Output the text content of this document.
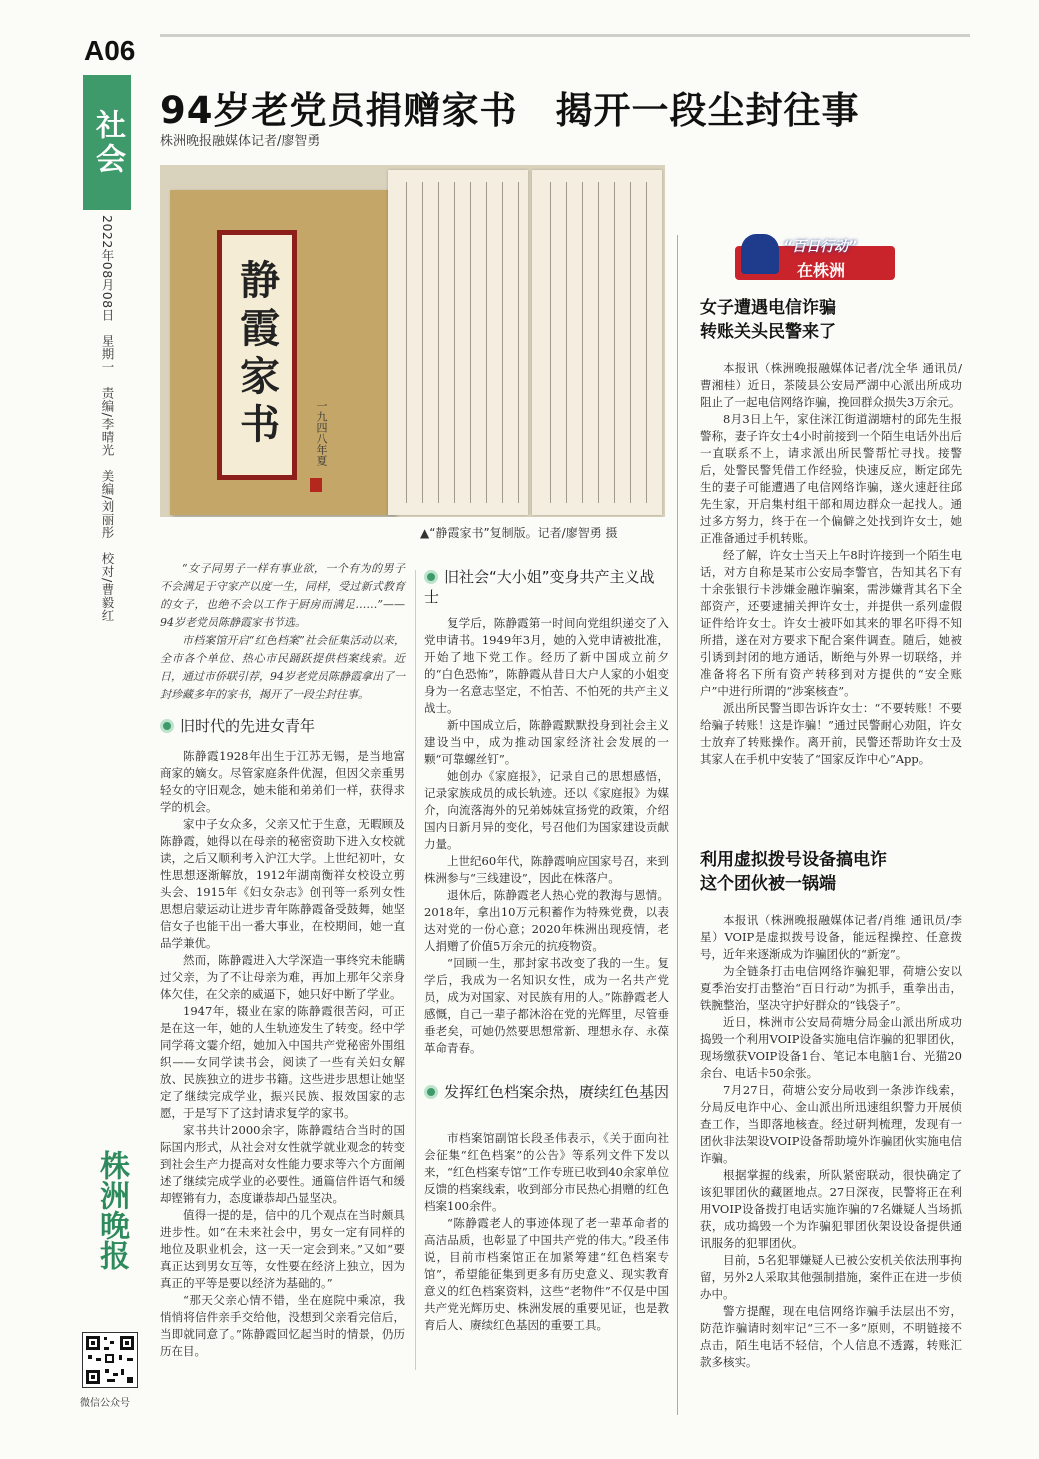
A06
社会
2022年08月08日　星期一　责编/李晴光　美编/刘丽彤　校对/曹毅红
株洲晚报
微信公众号
94岁老党员捐赠家书　揭开一段尘封往事
株洲晚报融媒体记者/廖智勇
静霞家书	一九四八年夏
▲“静霞家书”复制版。记者/廖智勇 摄

“女子同男子一样有事业欲，一个有为的男子不会满足于守家产以度一生，同样，受过新式教育的女子，也绝不会以工作于厨房而满足……”——94岁老党员陈静霞家书节选。

市档案馆开启“红色档案”社会征集活动以来，全市各个单位、热心市民踊跃提供档案线索。近日，通过市侨联引荐，94岁老党员陈静霞拿出了一封珍藏多年的家书，揭开了一段尘封往事。

旧时代的先进女青年

陈静霞1928年出生于江苏无锡，是当地富商家的嫡女。尽管家庭条件优渥，但因父亲重男轻女的守旧观念，她未能和弟弟们一样，获得求学的机会。

家中子女众多，父亲又忙于生意，无暇顾及陈静霞，她得以在母亲的秘密资助下进入女校就读，之后又顺利考入沪江大学。上世纪初叶，女性思想逐渐解放，1912年湖南衡祥女校设立剪头会、1915年《妇女杂志》创刊等一系列女性思想启蒙运动让进步青年陈静霞备受鼓舞，她坚信女子也能干出一番大事业，在校期间，她一直品学兼优。

然而，陈静霞进入大学深造一事终究未能瞒过父亲，为了不让母亲为难，再加上那年父亲身体欠佳，在父亲的威逼下，她只好中断了学业。

1947年，辍业在家的陈静霞很苦闷，可正是在这一年，她的人生轨迹发生了转变。经中学同学蒋文霎介绍，她加入中国共产党秘密外围组织——女同学读书会，阅读了一些有关妇女解放、民族独立的进步书籍。这些进步思想让她坚定了继续完成学业，振兴民族、报效国家的志愿，于是写下了这封请求复学的家书。

家书共计2000余字，陈静霞结合当时的国际国内形式，从社会对女性就学就业观念的转变到社会生产力提高对女性能力要求等六个方面阐述了继续完成学业的必要性。通篇信件语气和缓却铿锵有力，态度谦恭却凸显坚决。

值得一提的是，信中的几个观点在当时颇具进步性。如“在未来社会中，男女一定有同样的地位及职业机会，这一天一定会到来。”又如“要真正达到男女互等，女性要在经济上独立，因为真正的平等是要以经济为基础的。”

“那天父亲心情不错，坐在庭院中乘凉，我悄悄将信件亲手交给他，没想到父亲看完信后，当即就同意了。”陈静霞回忆起当时的情景，仍历历在目。

旧社会“大小姐”变身共产主义战士

复学后，陈静霞第一时间向党组织递交了入党申请书。1949年3月，她的入党申请被批准，开始了地下党工作。经历了新中国成立前夕的“白色恐怖”，陈静霞从昔日大户人家的小姐变身为一名意志坚定，不怕苦、不怕死的共产主义战士。

新中国成立后，陈静霞默默投身到社会主义建设当中，成为推动国家经济社会发展的一颗“可靠螺丝钉”。

她创办《家庭报》，记录自己的思想感悟，记录家族成员的成长轨迹。还以《家庭报》为媒介，向流落海外的兄弟姊妹宣扬党的政策，介绍国内日新月异的变化，号召他们为国家建设贡献力量。

上世纪60年代，陈静霞响应国家号召，来到株洲参与“三线建设”，因此在株落户。

退休后，陈静霞老人热心党的教海与恩情。2018年，拿出10万元积蓄作为特殊党费，以表达对党的一份心意；2020年株洲出现疫情，老人捐赠了价值5万余元的抗疫物资。

“回顾一生，那封家书改变了我的一生。复学后，我成为一名知识女性，成为一名共产党员，成为对国家、对民族有用的人。”陈静霞老人感慨，自己一辈子都沐浴在党的光辉里，尽管垂垂老矣，可她仍然要思想常新、理想永存、永葆革命青春。

发挥红色档案余热，赓续红色基因

市档案馆副馆长段圣伟表示，《关于面向社会征集“红色档案”的公告》等系列文件下发以来，“红色档案专馆”工作专班已收到40余家单位反馈的档案线索，收到部分市民热心捐赠的红色档案100余件。

“陈静霞老人的事迹体现了老一辈革命者的高洁品质，也彰显了中国共产党的伟大。”段圣伟说，目前市档案馆正在加紧筹建“红色档案专馆”，希望能征集到更多有历史意义、现实教育意义的红色档案资料，这些“老物件”不仅是中国共产党光辉历史、株洲发展的重要见证，也是教育后人、赓续红色基因的重要工具。

“百日行动”
在株洲
女子遭遇电信诈骗
转账关头民警来了

本报讯（株洲晚报融媒体记者/沈全华 通讯员/曹湘桂）近日，茶陵县公安局严湖中心派出所成功阻止了一起电信网络诈骗，挽回群众损失3万余元。

8月3日上午，家住洣江街道湖塘村的邱先生报警称，妻子许女士4小时前接到一个陌生电话外出后一直联系不上，请求派出所民警帮忙寻找。接警后，处警民警凭借工作经验，快速反应，断定邱先生的妻子可能遭遇了电信网络诈骗，遂火速赶往邱先生家，开启集村组干部和周边群众一起找人。通过多方努力，终于在一个偏僻之处找到许女士，她正准备通过手机转账。

经了解，许女士当天上午8时许接到一个陌生电话，对方自称是某市公安局李警官，告知其名下有十余张银行卡涉嫌金融诈骗案，需涉嫌背其名下全部资产，还要逮捕关押许女士，并提供一系列虚假证件给许女士。许女士被吓如其来的罪名吓得不知所措，遂在对方要求下配合案件调查。随后，她被引诱到封闭的地方通话，断绝与外界一切联络，并准备将名下所有资产转移到对方提供的“安全账户”中进行所谓的“涉案核查”。

派出所民警当即告诉许女士：“不要转账！不要给骗子转账！这是诈骗！”通过民警耐心劝阻，许女士放弃了转账操作。离开前，民警还帮助许女士及其家人在手机中安装了“国家反诈中心”App。

利用虚拟拨号设备搞电诈
这个团伙被一锅端

本报讯（株洲晚报融媒体记者/肖维 通讯员/李星）VOIP是虚拟拨号设备，能远程操控、任意拨号，近年来逐渐成为诈骗团伙的“新宠”。

为全链条打击电信网络诈骗犯罪，荷塘公安以夏季治安打击整治“百日行动”为抓手，重拳出击，铁腕整治，坚决守护好群众的“钱袋子”。

近日，株洲市公安局荷塘分局金山派出所成功捣毁一个利用VOIP设备实施电信诈骗的犯罪团伙，现场缴获VOIP设备1台、笔记本电脑1台、光猫20余台、电话卡50余张。

7月27日，荷塘公安分局收到一条涉诈线索，分局反电诈中心、金山派出所迅速组织警力开展侦查工作，当即落地核查。经过研判梳理，发现有一团伙非法架设VOIP设备帮助境外诈骗团伙实施电信诈骗。

根据掌握的线索，所队紧密联动，很快确定了该犯罪团伙的藏匿地点。27日深夜，民警将正在利用VOIP设备拨打电话实施诈骗的7名嫌疑人当场抓获，成功捣毁一个为诈骗犯罪团伙架设设备提供通讯服务的犯罪团伙。

目前，5名犯罪嫌疑人已被公安机关依法刑事拘留，另外2人采取其他强制措施，案件正在进一步侦办中。

警方提醒，现在电信网络诈骗手法层出不穷，防范诈骗请时刻牢记“三不一多”原则，不明链接不点击，陌生电话不轻信，个人信息不透露，转账汇款多核实。
